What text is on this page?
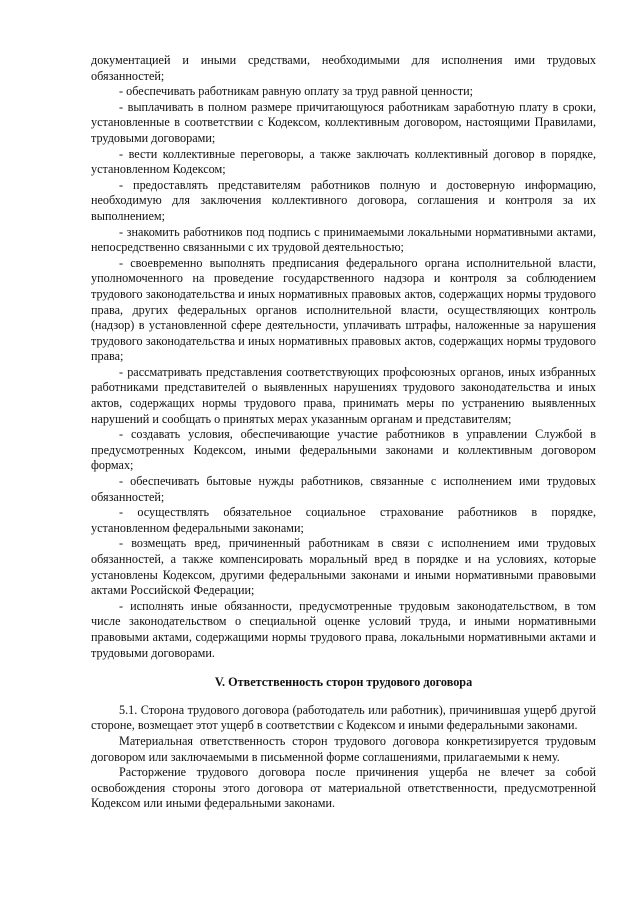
документацией и иными средствами, необходимыми для исполнения ими трудовых обязанностей;

- обеспечивать работникам равную оплату за труд равной ценности;

- выплачивать в полном размере причитающуюся работникам заработную плату в сроки, установленные в соответствии с Кодексом, коллективным договором, настоящими Правилами, трудовыми договорами;

- вести коллективные переговоры, а также заключать коллективный договор в порядке, установленном Кодексом;

- предоставлять представителям работников полную и достоверную информацию, необходимую для заключения коллективного договора, соглашения и контроля за их выполнением;

- знакомить работников под подпись с принимаемыми локальными нормативными актами, непосредственно связанными с их трудовой деятельностью;

- своевременно выполнять предписания федерального органа исполнительной власти, уполномоченного на проведение государственного надзора и контроля за соблюдением трудового законодательства и иных нормативных правовых актов, содержащих нормы трудового права, других федеральных органов исполнительной власти, осуществляющих контроль (надзор) в установленной сфере деятельности, уплачивать штрафы, наложенные за нарушения трудового законодательства и иных нормативных правовых актов, содержащих нормы трудового права;

- рассматривать представления соответствующих профсоюзных органов, иных избранных работниками представителей о выявленных нарушениях трудового законодательства и иных актов, содержащих нормы трудового права, принимать меры по устранению выявленных нарушений и сообщать о принятых мерах указанным органам и представителям;

- создавать условия, обеспечивающие участие работников в управлении Службой в предусмотренных Кодексом, иными федеральными законами и коллективным договором формах;

- обеспечивать бытовые нужды работников, связанные с исполнением ими трудовых обязанностей;

- осуществлять обязательное социальное страхование работников в порядке, установленном федеральными законами;

- возмещать вред, причиненный работникам в связи с исполнением ими трудовых обязанностей, а также компенсировать моральный вред в порядке и на условиях, которые установлены Кодексом, другими федеральными законами и иными нормативными правовыми актами Российской Федерации;

- исполнять иные обязанности, предусмотренные трудовым законодательством, в том числе законодательством о специальной оценке условий труда, и иными нормативными правовыми актами, содержащими нормы трудового права, локальными нормативными актами и трудовыми договорами.

V. Ответственность сторон трудового договора

5.1. Сторона трудового договора (работодатель или работник), причинившая ущерб другой стороне, возмещает этот ущерб в соответствии с Кодексом и иными федеральными законами.

Материальная ответственность сторон трудового договора конкретизируется трудовым договором или заключаемыми в письменной форме соглашениями, прилагаемыми к нему.

Расторжение трудового договора после причинения ущерба не влечет за собой освобождения стороны этого договора от материальной ответственности, предусмотренной Кодексом или иными федеральными законами.
